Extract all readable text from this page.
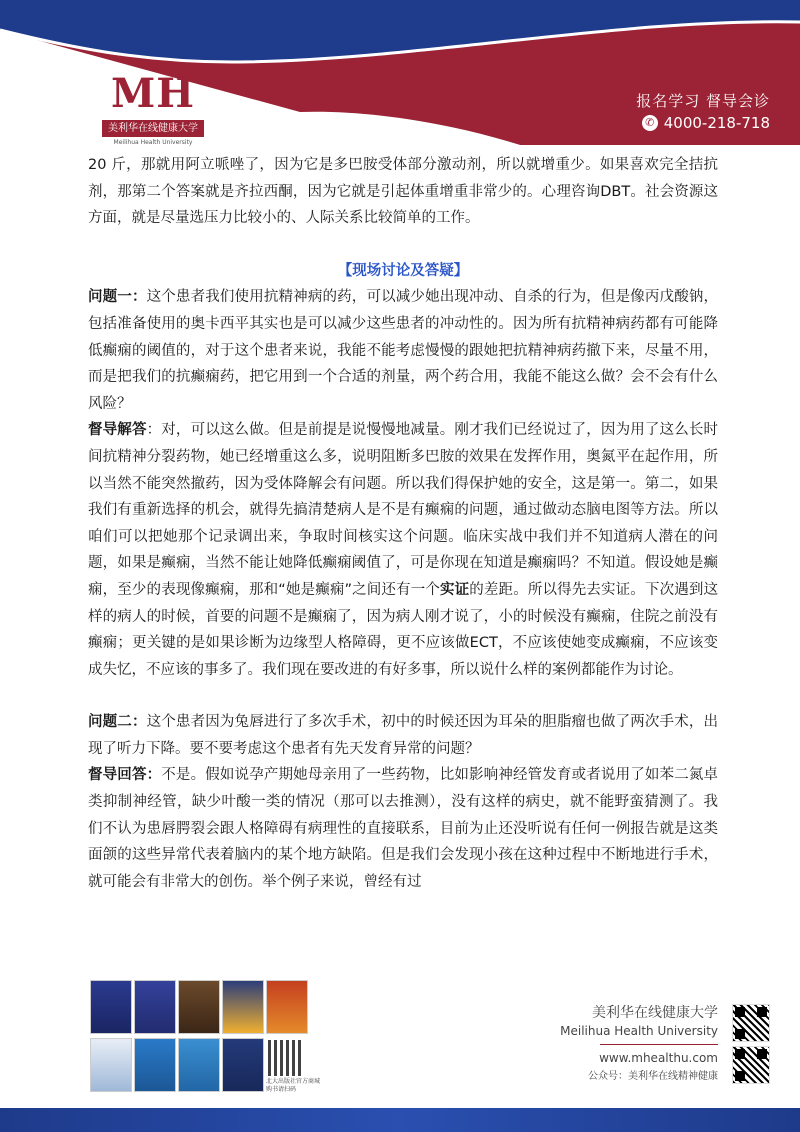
MH
美利华在线健康大学
Meilihua Health University
报名学习 督导会诊
✆ 4000-218-718

20 斤，那就用阿立哌唑了，因为它是多巴胺受体部分激动剂，所以就增重少。如果喜欢完全拮抗剂，那第二个答案就是齐拉西酮，因为它就是引起体重增重非常少的。心理咨询DBT。社会资源这方面，就是尽量选压力比较小的、人际关系比较简单的工作。

【现场讨论及答疑】

问题一：这个患者我们使用抗精神病的药，可以减少她出现冲动、自杀的行为，但是像丙戊酸钠，包括准备使用的奥卡西平其实也是可以减少这些患者的冲动性的。因为所有抗精神病药都有可能降低癫痫的阈值的，对于这个患者来说，我能不能考虑慢慢的跟她把抗精神病药撤下来，尽量不用，而是把我们的抗癫痫药，把它用到一个合适的剂量，两个药合用，我能不能这么做？会不会有什么风险？

督导解答：对，可以这么做。但是前提是说慢慢地减量。刚才我们已经说过了，因为用了这么长时间抗精神分裂药物，她已经增重这么多，说明阻断多巴胺的效果在发挥作用，奥氮平在起作用，所以当然不能突然撤药，因为受体降解会有问题。所以我们得保护她的安全，这是第一。第二，如果我们有重新选择的机会，就得先搞清楚病人是不是有癫痫的问题，通过做动态脑电图等方法。所以咱们可以把她那个记录调出来，争取时间核实这个问题。临床实战中我们并不知道病人潜在的问题，如果是癫痫，当然不能让她降低癫痫阈值了，可是你现在知道是癫痫吗？不知道。假设她是癫痫，至少的表现像癫痫，那和“她是癫痫”之间还有一个实证的差距。所以得先去实证。下次遇到这样的病人的时候，首要的问题不是癫痫了，因为病人刚才说了，小的时候没有癫痫，住院之前没有癫痫；更关键的是如果诊断为边缘型人格障碍，更不应该做ECT，不应该使她变成癫痫，不应该变成失忆，不应该的事多了。我们现在要改进的有好多事，所以说什么样的案例都能作为讨论。

问题二：这个患者因为兔唇进行了多次手术，初中的时候还因为耳朵的胆脂瘤也做了两次手术，出现了听力下降。要不要考虑这个患者有先天发育异常的问题？

督导回答：不是。假如说孕产期她母亲用了一些药物，比如影响神经管发育或者说用了如苯二氮卓类抑制神经管，缺少叶酸一类的情况（那可以去推测），没有这样的病史，就不能野蛮猜测了。我们不认为患唇腭裂会跟人格障碍有病理性的直接联系，目前为止还没听说有任何一例报告就是这类面颌的这些异常代表着脑内的某个地方缺陷。但是我们会发现小孩在这种过程中不断地进行手术，就可能会有非常大的创伤。举个例子来说，曾经有过

北大出版社官方商城 购书请扫码
美利华在线健康大学
Meilihua Health University
www.mhealthu.com
公众号：美利华在线精神健康
